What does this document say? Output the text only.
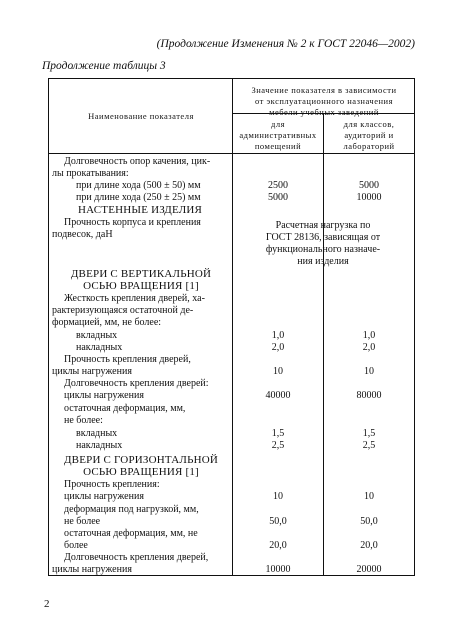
(Продолжение Изменения № 2 к ГОСТ 22046—2002)
Продолжение таблицы 3
Наименование показателя
Значение показателя в зависимости
от эксплуатационного назначения
мебели учебных заведений
для
административных
помещений
для классов,
аудиторий и
лабораторий
Долговечность опор качения, цик-
лы прокатывания:
при длине хода (500 ± 50) мм	2500	5000
при длине хода (250 ± 25) мм	5000	10000
НАСТЕННЫЕ ИЗДЕЛИЯ
Прочность корпуса и крепления
подвесок, даН
Расчетная нагрузка по
ГОСТ 28136, зависящая от
функционального назначе-
ния изделия
ДВЕРИ С ВЕРТИКАЛЬНОЙ
ОСЬЮ ВРАЩЕНИЯ [1]
Жесткость крепления дверей, ха-
рактеризующаяся остаточной де-
формацией, мм, не более:
вкладных	1,0	1,0
накладных	2,0	2,0
Прочность крепления дверей,
циклы нагружения	10	10
Долговечность крепления дверей:
циклы нагружения	40000	80000
остаточная деформация, мм,
не более:
вкладных	1,5	1,5
накладных	2,5	2,5
ДВЕРИ С ГОРИЗОНТАЛЬНОЙ
ОСЬЮ ВРАЩЕНИЯ [1]
Прочность крепления:
циклы нагружения	10	10
деформация под нагрузкой, мм,
не более	50,0	50,0
остаточная деформация, мм, не
более	20,0	20,0
Долговечность крепления дверей,
циклы нагружения	10000	20000
2
